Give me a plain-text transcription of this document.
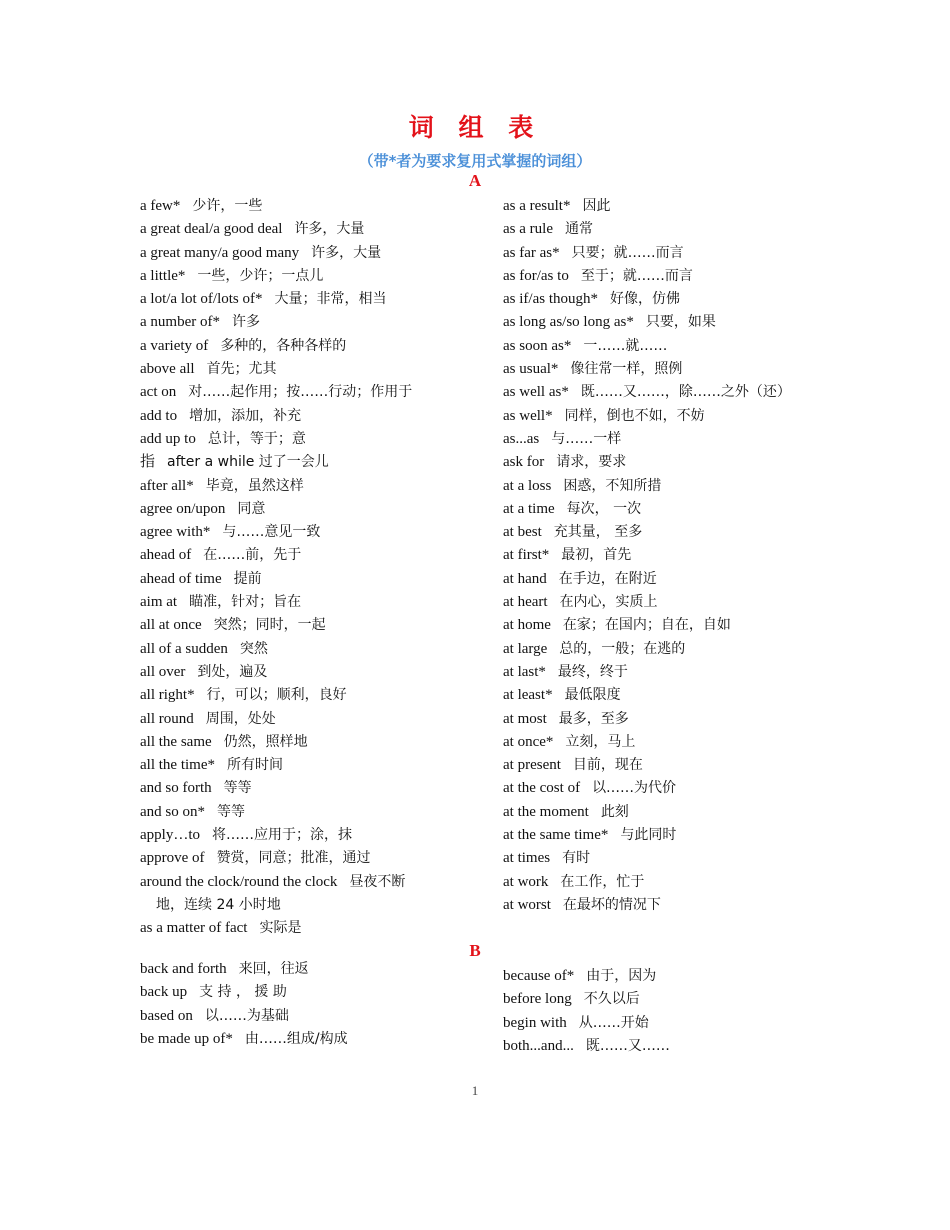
词 组 表
（带*者为要求复用式掌握的词组）
A
a few* 少许，一些
a great deal/a good deal 许多，大量
a great many/a good many 许多，大量
a little* 一些，少许；一点儿
a lot/a lot of/lots of* 大量；非常，相当
a number of* 许多
a variety of 多种的，各种各样的
above all 首先；尤其
act on 对……起作用；按……行动；作用于
add to 增加，添加，补充
add up to 总计，等于；意
指 after a while 过了一会儿
after all* 毕竟，虽然这样
agree on/upon 同意
agree with* 与……意见一致
ahead of 在……前，先于
ahead of time 提前
aim at 瞄准，针对；旨在
all at once 突然；同时，一起
all of a sudden 突然
all over 到处，遍及
all right* 行，可以；顺利，良好
all round 周围，处处
all the same 仍然，照样地
all the time* 所有时间
and so forth 等等
and so on* 等等
apply…to 将……应用于；涂，抹
approve of 赞赏，同意；批准，通过
around the clock/round the clock 昼夜不断
地，连续 24 小时地
as a matter of fact 实际是
as a result* 因此
as a rule 通常
as far as* 只要；就……而言
as for/as to 至于；就……而言
as if/as though* 好像，仿佛
as long as/so long as* 只要，如果
as soon as* 一……就……
as usual* 像往常一样，照例
as well as* 既……又……，除……之外（还）
as well* 同样，倒也不如，不妨
as...as 与……一样
ask for 请求，要求
at a loss 困惑，不知所措
at a time 每次， 一次
at best 充其量， 至多
at first* 最初，首先
at hand 在手边，在附近
at heart 在内心，实质上
at home 在家；在国内；自在，自如
at large 总的，一般；在逃的
at last* 最终，终于
at least* 最低限度
at most 最多，至多
at once* 立刻，马上
at present 目前，现在
at the cost of 以……为代价
at the moment 此刻
at the same time* 与此同时
at times 有时
at work 在工作，忙于
at worst 在最坏的情况下
B
back and forth 来回，往返
back up 支 持 ， 援 助
based on 以……为基础
be made up of* 由……组成/构成
because of* 由于，因为
before long 不久以后
begin with 从……开始
both...and... 既……又……
1
